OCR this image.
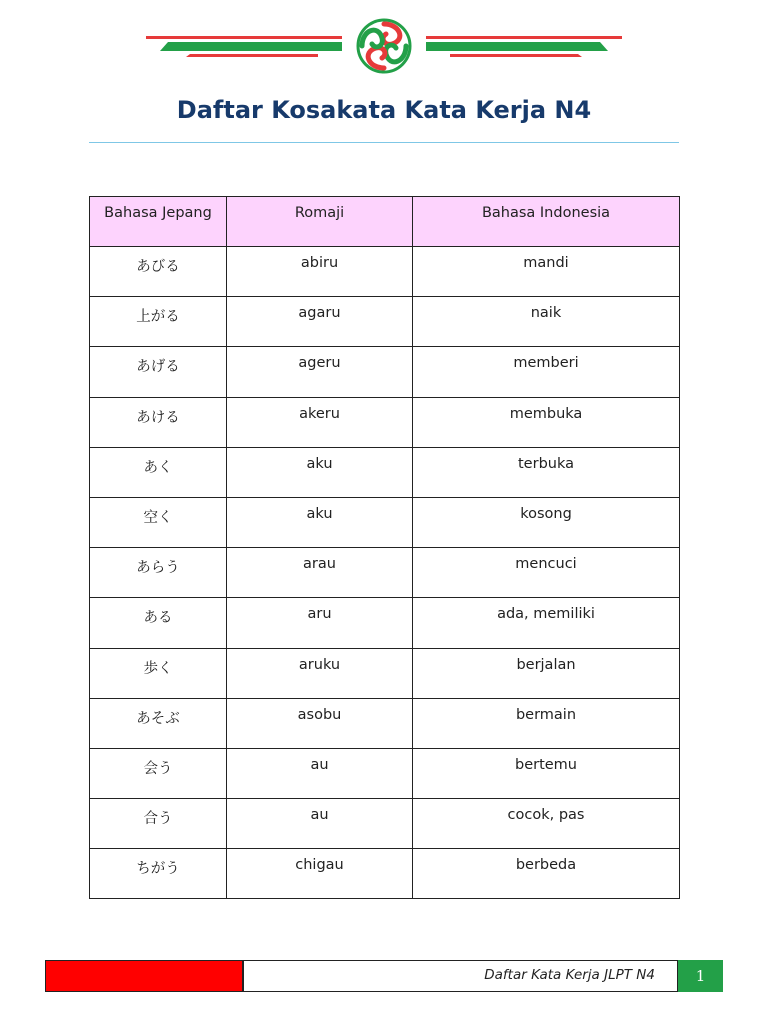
Daftar Kosakata Kata Kerja N4
Bahasa Jepang	Romaji	Bahasa Indonesia
あびる	abiru	mandi
上がる	agaru	naik
あげる	ageru	memberi
あける	akeru	membuka
あく	aku	terbuka
空く	aku	kosong
あらう	arau	mencuci
ある	aru	ada, memiliki
歩く	aruku	berjalan
あそぶ	asobu	bermain
会う	au	bertemu
合う	au	cocok, pas
ちがう	chigau	berbeda
Daftar Kata Kerja JLPT N4	1
